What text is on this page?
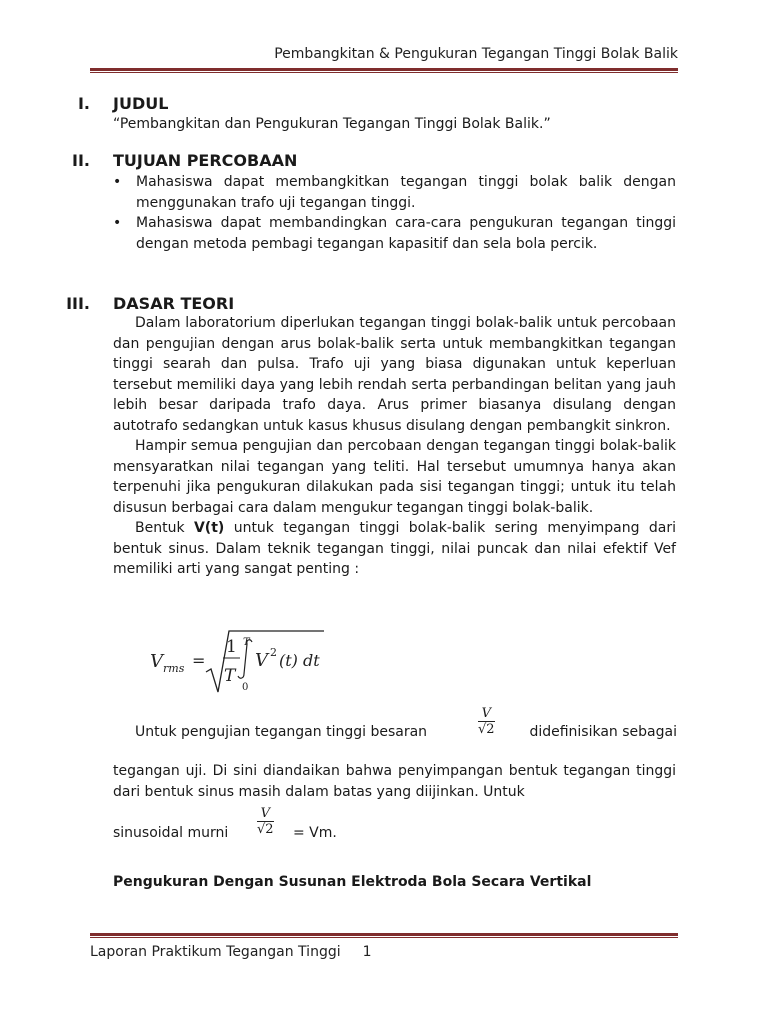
Pembangkitan & Pengukuran Tegangan Tinggi Bolak Balik
I. JUDUL
“Pembangkitan dan Pengukuran Tegangan Tinggi Bolak Balik.”
II. TUJUAN PERCOBAAN
• Mahasiswa dapat membangkitkan tegangan tinggi bolak balik dengan menggunakan trafo uji tegangan tinggi.
• Mahasiswa dapat membandingkan cara-cara pengukuran tegangan tinggi dengan metoda pembagi tegangan kapasitif dan sela bola percik.
III. DASAR TEORI
Dalam laboratorium diperlukan tegangan tinggi bolak-balik untuk percobaan dan pengujian dengan arus bolak-balik serta untuk membangkitkan tegangan tinggi searah dan pulsa. Trafo uji yang biasa digunakan untuk keperluan tersebut memiliki daya yang lebih rendah serta perbandingan belitan yang jauh lebih besar daripada trafo daya. Arus primer biasanya disulang dengan autotrafo sedangkan untuk kasus khusus disulang dengan pembangkit sinkron.
Hampir semua pengujian dan percobaan dengan tegangan tinggi bolak-balik mensyaratkan nilai tegangan yang teliti. Hal tersebut umumnya hanya akan terpenuhi jika pengukuran dilakukan pada sisi tegangan tinggi; untuk itu telah disusun berbagai cara dalam mengukur tegangan tinggi bolak-balik.
Bentuk V(t) untuk tegangan tinggi bolak-balik sering menyimpang dari bentuk sinus. Dalam teknik tegangan tinggi, nilai puncak dan nilai efektif Vef memiliki arti yang sangat penting :
V rms =
1
T
T
0
V 2 (t) dt
Untuk pengujian tegangan tinggi besaran	$\frac{V}{√2}$ didefinisikan sebagai
tegangan uji. Di sini diandaikan bahwa penyimpangan bentuk tegangan tinggi dari bentuk sinus masih dalam batas yang diijinkan. Untuk
sinusoidal murni $\frac{V}{√2} = Vm$.
Pengukuran Dengan Susunan Elektroda Bola Secara Vertikal
Laporan Praktikum Tegangan Tinggi 1
